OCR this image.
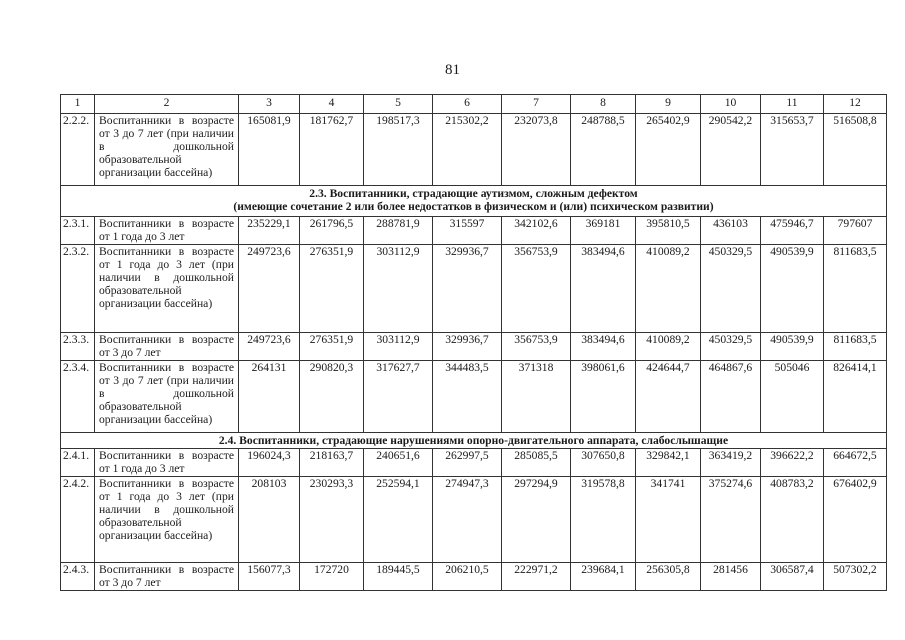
81
1	2	3	4	5	6	7	8	9	10	11	12
2.2.2.	Воспитанники в возрасте от 3 до 7 лет (при наличии в дошкольной образовательной организации бассейна)	165081,9	181762,7	198517,3	215302,2	232073,8	248788,5	265402,9	290542,2	315653,7	516508,8

2.3. Воспитанники, страдающие аутизмом, сложным дефектом
(имеющие сочетание 2 или более недостатков в физическом и (или) психическом развитии)											

2.3.1.	Воспитанники в возрасте от 1 года до 3 лет	235229,1	261796,5	288781,9	315597	342102,6	369181	395810,5	436103	475946,7	797607
2.3.2.	Воспитанники в возрасте от 1 года до 3 лет (при наличии в дошкольной образовательной организации бассейна)	249723,6	276351,9	303112,9	329936,7	356753,9	383494,6	410089,2	450329,5	490539,9	811683,5
2.3.3.	Воспитанники в возрасте от 3 до 7 лет	249723,6	276351,9	303112,9	329936,7	356753,9	383494,6	410089,2	450329,5	490539,9	811683,5
2.3.4.	Воспитанники в возрасте от 3 до 7 лет (при наличии в дошкольной образовательной организации бассейна)	264131	290820,3	317627,7	344483,5	371318	398061,6	424644,7	464867,6	505046	826414,1

2.4. Воспитанники, страдающие нарушениями опорно-двигательного аппарата, слабослышащие											

2.4.1.	Воспитанники в возрасте от 1 года до 3 лет	196024,3	218163,7	240651,6	262997,5	285085,5	307650,8	329842,1	363419,2	396622,2	664672,5
2.4.2.	Воспитанники в возрасте от 1 года до 3 лет (при наличии в дошкольной образовательной организации бассейна)	208103	230293,3	252594,1	274947,3	297294,9	319578,8	341741	375274,6	408783,2	676402,9
2.4.3.	Воспитанники в возрасте от 3 до 7 лет	156077,3	172720	189445,5	206210,5	222971,2	239684,1	256305,8	281456	306587,4	507302,2
